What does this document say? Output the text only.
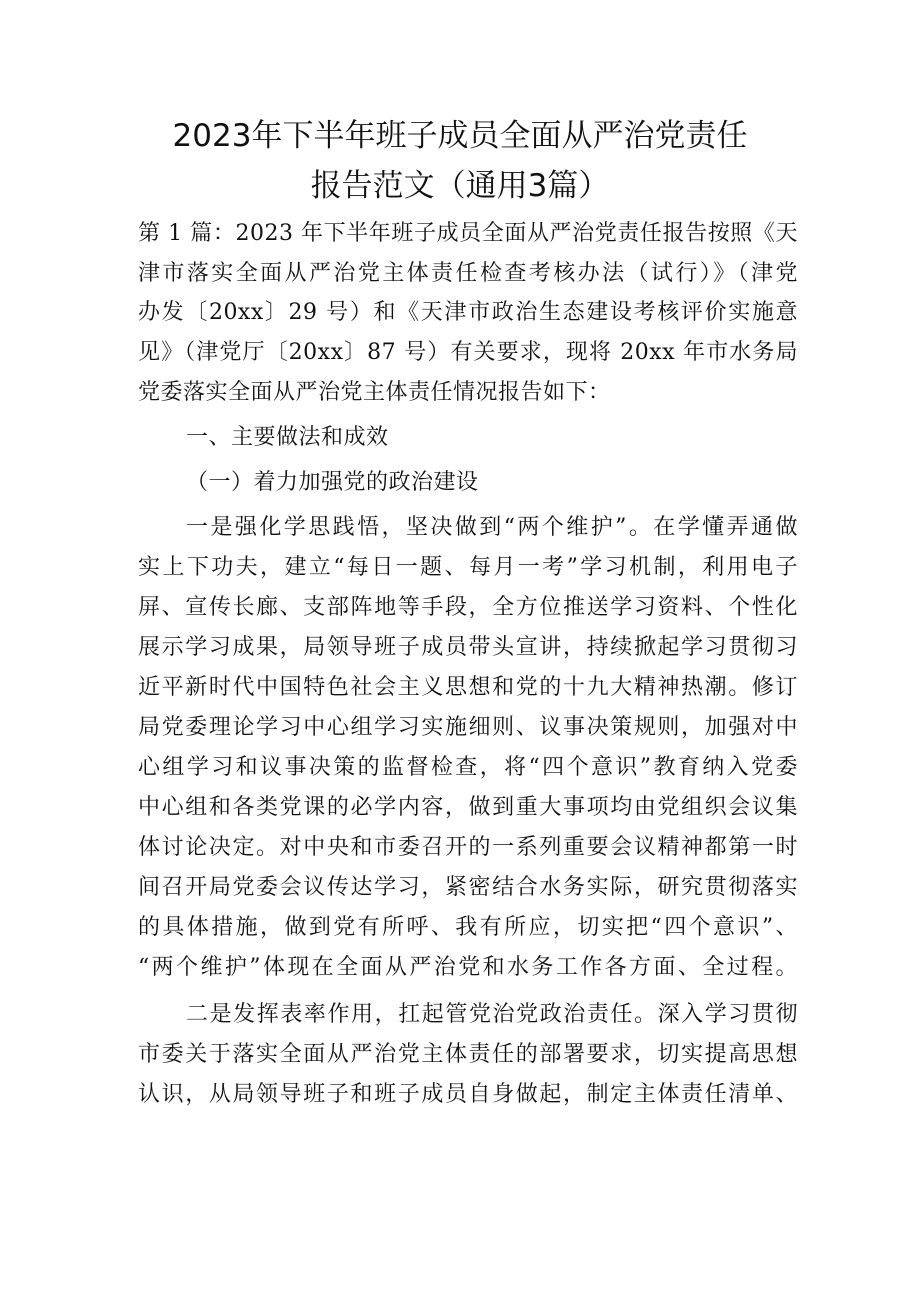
2023年下半年班子成员全面从严治党责任
报告范文（通用3篇）
第 1 篇：2023 年下半年班子成员全面从严治党责任报告按照《天
津市落实全面从严治党主体责任检查考核办法（试行）》（津党
办发〔20xx〕29 号）和《天津市政治生态建设考核评价实施意
见》（津党厅〔20xx〕87 号）有关要求，现将 20xx 年市水务局
党委落实全面从严治党主体责任情况报告如下：
一、主要做法和成效
（一）着力加强党的政治建设
一是强化学思践悟，坚决做到“两个维护”。在学懂弄通做
实上下功夫，建立“每日一题、每月一考”学习机制，利用电子
屏、宣传长廊、支部阵地等手段，全方位推送学习资料、个性化
展示学习成果，局领导班子成员带头宣讲，持续掀起学习贯彻习
近平新时代中国特色社会主义思想和党的十九大精神热潮。修订
局党委理论学习中心组学习实施细则、议事决策规则，加强对中
心组学习和议事决策的监督检查，将“四个意识”教育纳入党委
中心组和各类党课的必学内容，做到重大事项均由党组织会议集
体讨论决定。对中央和市委召开的一系列重要会议精神都第一时
间召开局党委会议传达学习，紧密结合水务实际，研究贯彻落实
的具体措施，做到党有所呼、我有所应，切实把“四个意识”、
“两个维护”体现在全面从严治党和水务工作各方面、全过程。
二是发挥表率作用，扛起管党治党政治责任。深入学习贯彻
市委关于落实全面从严治党主体责任的部署要求，切实提高思想
认识，从局领导班子和班子成员自身做起，制定主体责任清单、
